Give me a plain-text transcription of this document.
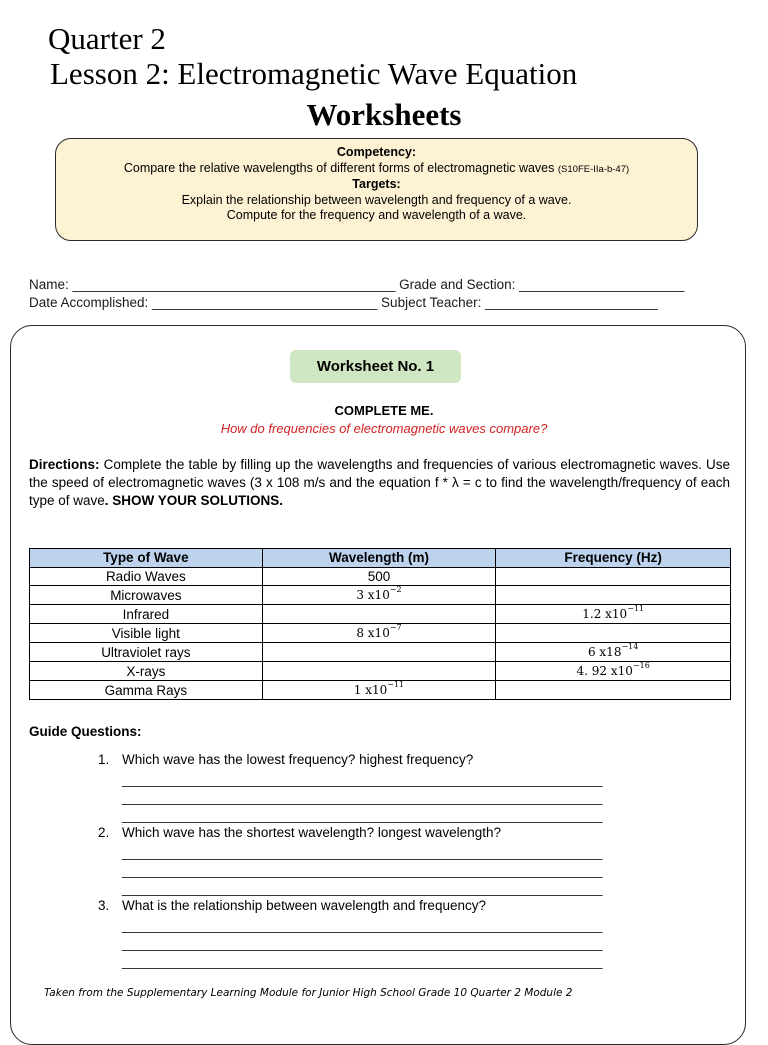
Quarter 2
Lesson 2: Electromagnetic Wave Equation
Worksheets
Competency:
Compare the relative wavelengths of different forms of electromagnetic waves (S10FE-IIa-b-47)
Targets:
Explain the relationship between wavelength and frequency of a wave.
Compute for the frequency and wavelength of a wave.
Name: ___________________________________________ Grade and Section: ______________________
Date Accomplished: ______________________________ Subject Teacher: _______________________
Worksheet No. 1
COMPLETE ME.
How do frequencies of electromagnetic waves compare?
Directions: Complete the table by filling up the wavelengths and frequencies of various electromagnetic waves. Use the speed of electromagnetic waves (3 x 108 m/s and the equation f * λ = c to find the wavelength/frequency of each type of wave. SHOW YOUR SOLUTIONS.
Type of Wave	Wavelength (m)	Frequency (Hz)
Radio Waves	500	
Microwaves	3 $x10^{-2}$	
Infrared		1.2 $x10^{-11}$
Visible light	8 $x10^{-7}$	
Ultraviolet rays		6 $x18^{-14}$
X-rays		4. 92 $x10^{-16}$
Gamma Rays	1 $x10^{-11}$	
Guide Questions:
1. Which wave has the lowest frequency? highest frequency?
________________________________________________________________
________________________________________________________________
________________________________________________________________
2. Which wave has the shortest wavelength? longest wavelength?
________________________________________________________________
________________________________________________________________
________________________________________________________________
3. What is the relationship between wavelength and frequency?
________________________________________________________________
________________________________________________________________
________________________________________________________________
Taken from the Supplementary Learning Module for Junior High School Grade 10 Quarter 2 Module 2
